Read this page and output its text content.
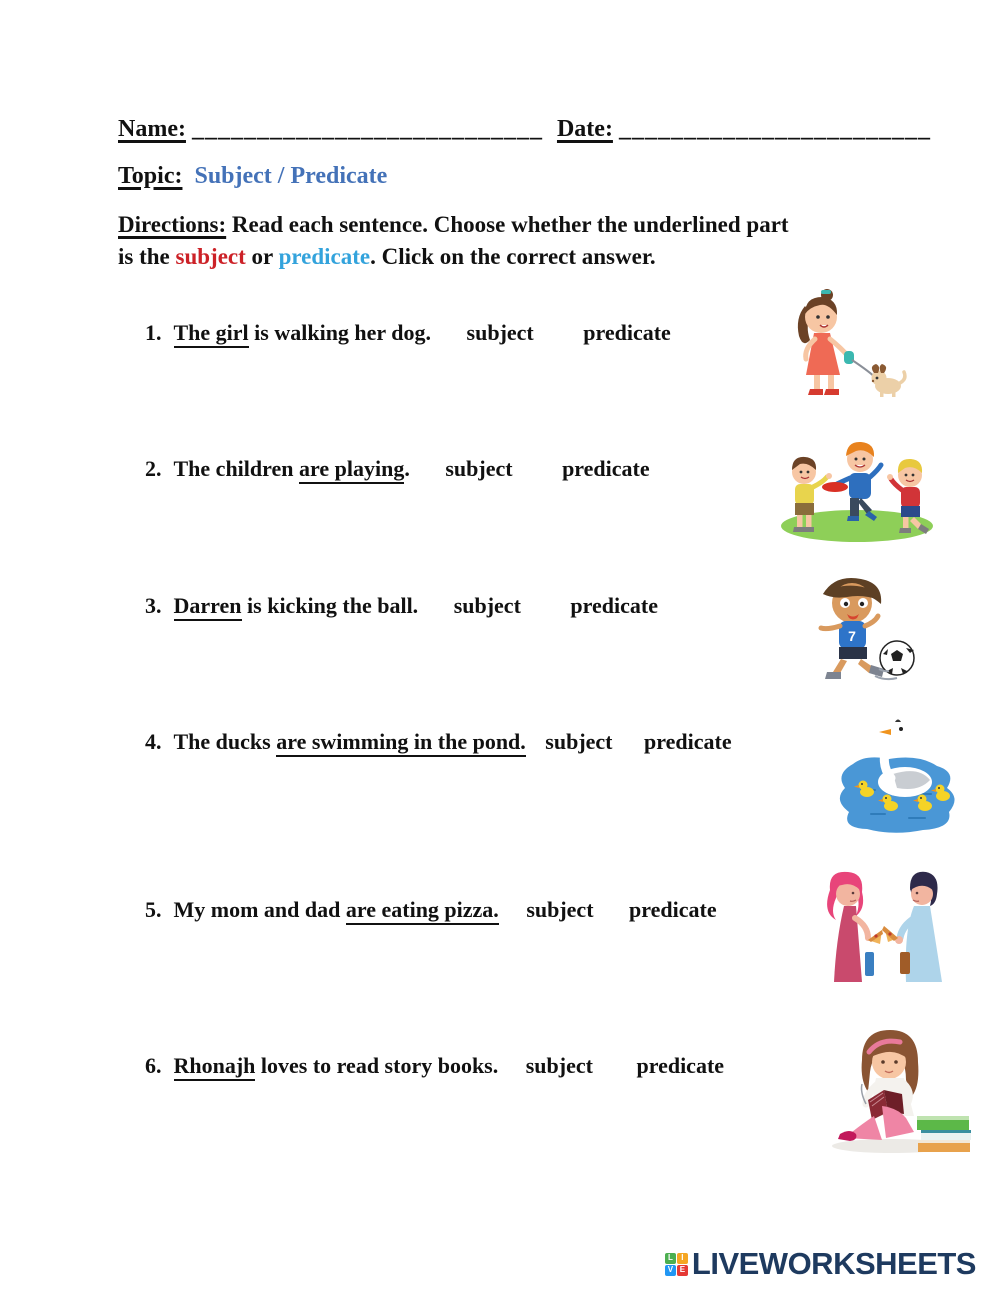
Name: ___________________________ Date: ________________________
Topic: Subject / Predicate
Directions: Read each sentence. Choose whether the underlined part
is the subject or predicate. Click on the correct answer.
1. The girl is walking her dog. subject predicate
2. The children are playing. subject predicate
3. Darren is kicking the ball. subject predicate
7
4. The ducks are swimming in the pond. subject predicate
5. My mom and dad are eating pizza. subject predicate
6. Rhonajh loves to read story books. subject predicate
L	I
V E LIVEWORKSHEETS
